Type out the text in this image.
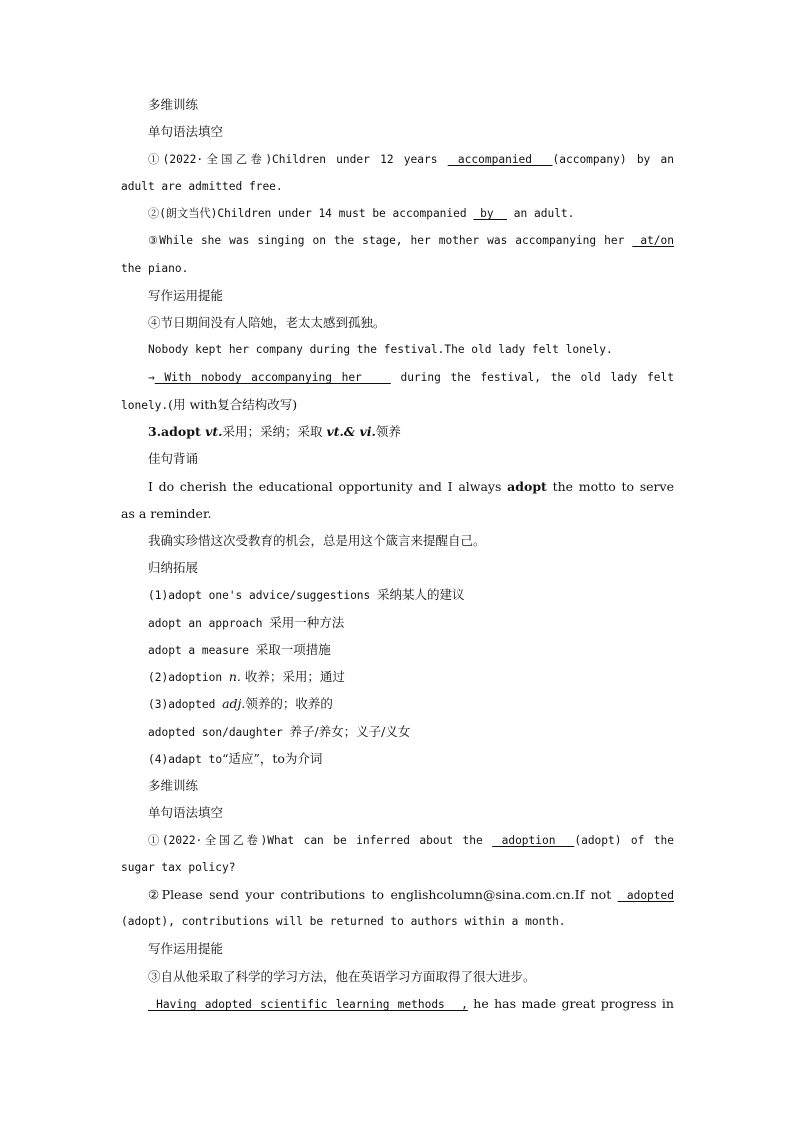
多维训练
单句语法填空
①(2022·全国乙卷)Children under 12 years  accompanied  (accompany) by an
adult are admitted free.
②(朗文当代)Children under 14 must be accompanied  by   an adult.
③While she was singing on the stage, her mother was accompanying her  at/on
the piano.
写作运用提能
④节日期间没有人陪她，老太太感到孤独。
Nobody kept her company during the festival.The old lady felt lonely.
→ With nobody accompanying her    during the festival, the old lady felt
lonely.(用 with复合结构改写)
3.adopt vt.采用；采纳；采取 vt.& vi.领养
佳句背诵
I do cherish the educational opportunity and I always adopt the motto to serve
as a reminder.
我确实珍惜这次受教育的机会，总是用这个箴言来提醒自己。
归纳拓展
(1)adopt one's advice/suggestions 采纳某人的建议
adopt an approach 采用一种方法
adopt a measure 采取一项措施
(2)adoption n. 收养；采用；通过
(3)adopted adj.领养的；收养的
adopted son/daughter 养子/养女；义子/义女
(4)adapt to“适应”，to为介词
多维训练
单句语法填空
①(2022·全国乙卷)What can be inferred about the  adoption  (adopt) of the
sugar tax policy?
②Please send your contributions to englishcolumn@sina.com.cn.If not  adopted
(adopt), contributions will be returned to authors within a month.
写作运用提能
③自从他采取了科学的学习方法，他在英语学习方面取得了很大进步。
Having adopted scientific learning methods  , he has made great progress in
